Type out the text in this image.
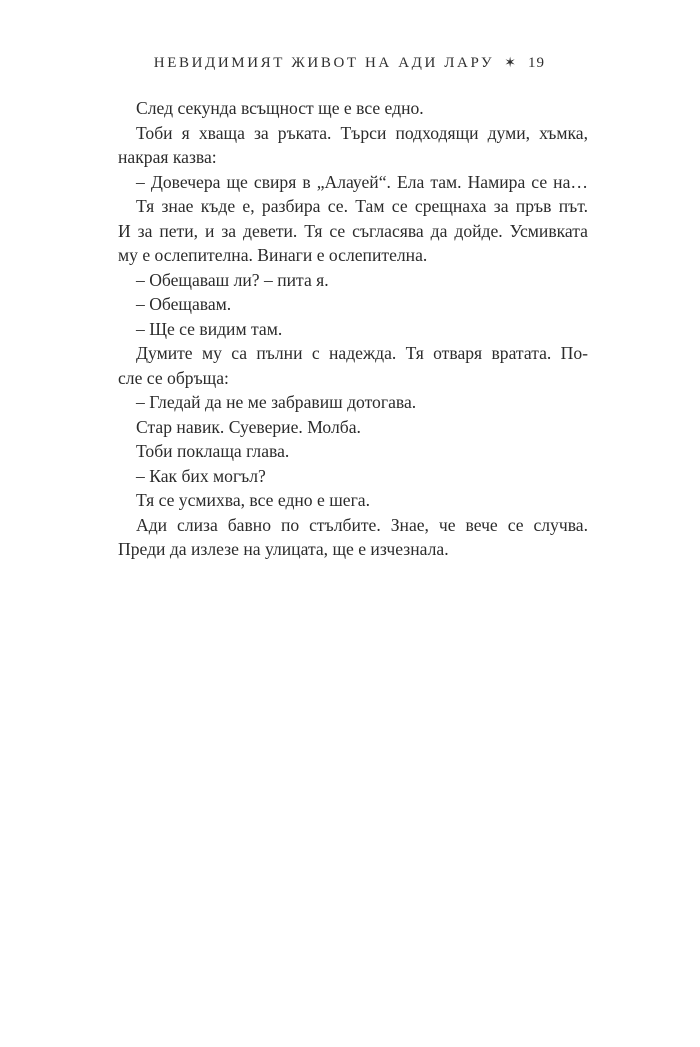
НЕВИДИМИЯТ ЖИВОТ НА АДИ ЛАРУ ✶ 19
След секунда всъщност ще е все едно.
Тоби я хваща за ръката. Търси подходящи думи, хъмка,
накрая казва:
– Довечера ще свиря в „Алауей“. Ела там. Намира се на…
Тя знае къде е, разбира се. Там се срещнаха за пръв път.
И за пети, и за девети. Тя се съгласява да дойде. Усмивката
му е ослепителна. Винаги е ослепителна.
– Обещаваш ли? – пита я.
– Обещавам.
– Ще се видим там.
Думите му са пълни с надежда. Тя отваря вратата. По-
сле се обръща:
– Гледай да не ме забравиш дотогава.
Стар навик. Суеверие. Молба.
Тоби поклаща глава.
– Как бих могъл?
Тя се усмихва, все едно е шега.
Ади слиза бавно по стълбите. Знае, че вече се случва.
Преди да излезе на улицата, ще е изчезнала.
